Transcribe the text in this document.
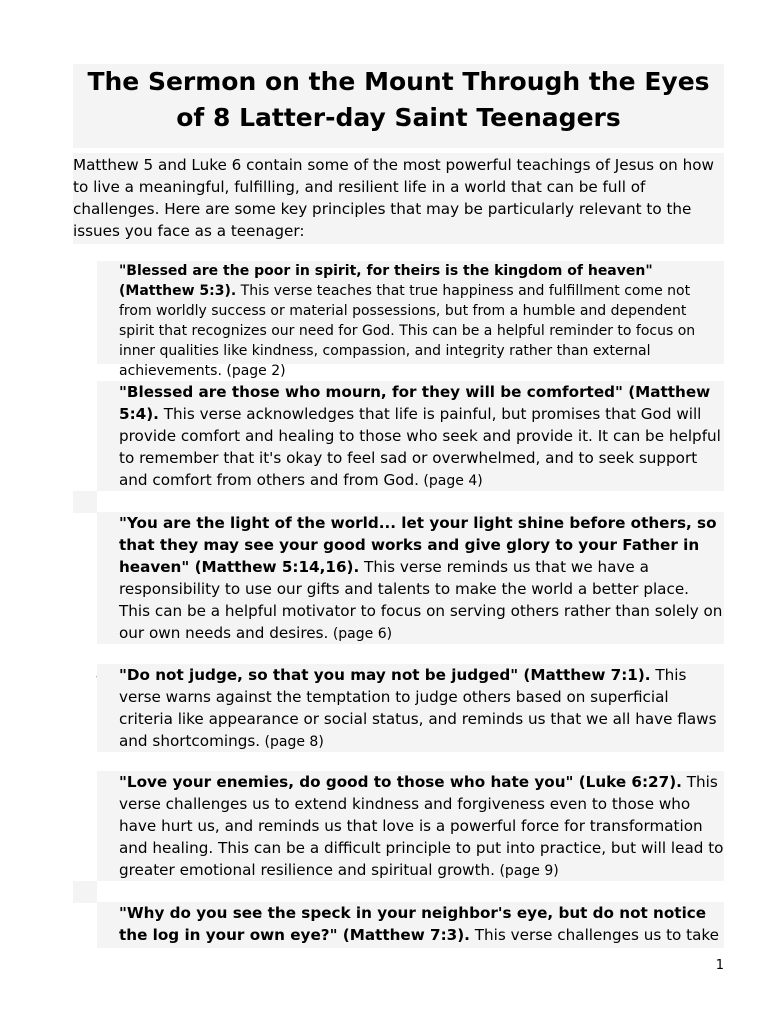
The Sermon on the Mount Through the Eyes
of 8 Latter-day Saint Teenagers

Matthew 5 and Luke 6 contain some of the most powerful teachings of Jesus on how to live a meaningful, fulfilling, and resilient life in a world that can be full of challenges. Here are some key principles that may be particularly relevant to the issues you face as a teenager:

"Blessed are the poor in spirit, for theirs is the kingdom of heaven" (Matthew 5:3). This verse teaches that true happiness and fulfillment come not from worldly success or material possessions, but from a humble and dependent spirit that recognizes our need for God. This can be a helpful reminder to focus on inner qualities like kindness, compassion, and integrity rather than external achievements. (page 2)
"Blessed are those who mourn, for they will be comforted" (Matthew 5:4). This verse acknowledges that life is painful, but promises that God will provide comfort and healing to those who seek and provide it. It can be helpful to remember that it's okay to feel sad or overwhelmed, and to seek support and comfort from others and from God. (page 4)
"You are the light of the world... let your light shine before others, so that they may see your good works and give glory to your Father in heaven" (Matthew 5:14,16). This verse reminds us that we have a responsibility to use our gifts and talents to make the world a better place. This can be a helpful motivator to focus on serving others rather than solely on our own needs and desires. (page 6)
"Do not judge, so that you may not be judged" (Matthew 7:1). This verse warns against the temptation to judge others based on superficial criteria like appearance or social status, and reminds us that we all have flaws and shortcomings. (page 8)
"Love your enemies, do good to those who hate you" (Luke 6:27). This verse challenges us to extend kindness and forgiveness even to those who have hurt us, and reminds us that love is a powerful force for transformation and healing. This can be a difficult principle to put into practice, but will lead to greater emotional resilience and spiritual growth. (page 9)
"Why do you see the speck in your neighbor's eye, but do not notice the log in your own eye?" (Matthew 7:3). This verse challenges us to take
1
